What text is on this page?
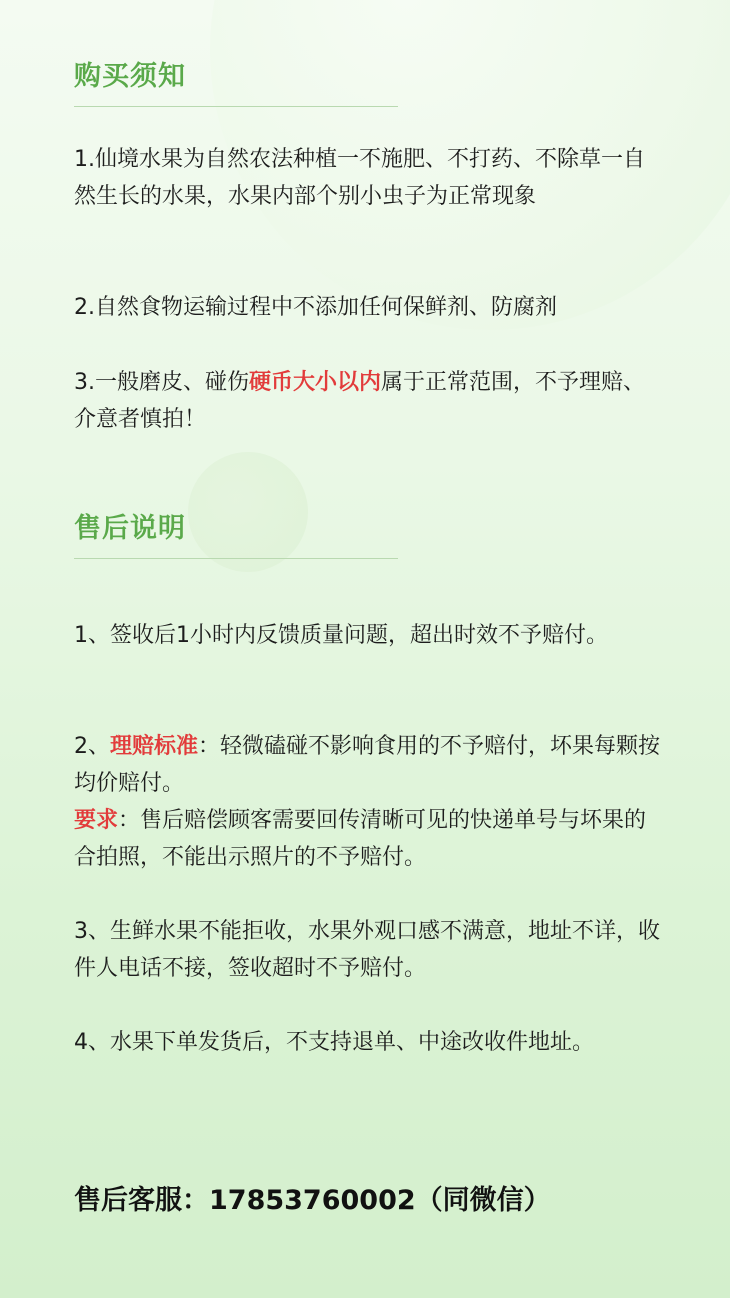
购买须知

1.仙境水果为自然农法种植一不施肥、不打药、不除草一自然生长的水果，水果内部个别小虫子为正常现象

2.自然食物运输过程中不添加任何保鲜剂、防腐剂

3.一般磨皮、碰伤硬币大小以内属于正常范围，不予理赔、介意者慎拍！

售后说明

1、签收后1小时内反馈质量问题，超出时效不予赔付。

2、理赔标准：轻微磕碰不影响食用的不予赔付，坏果每颗按均价赔付。
要求：售后赔偿顾客需要回传清晰可见的快递单号与坏果的合拍照，不能出示照片的不予赔付。

3、生鲜水果不能拒收，水果外观口感不满意，地址不详，收件人电话不接，签收超时不予赔付。

4、水果下单发货后，不支持退单、中途改收件地址。

售后客服：17853760002（同微信）
